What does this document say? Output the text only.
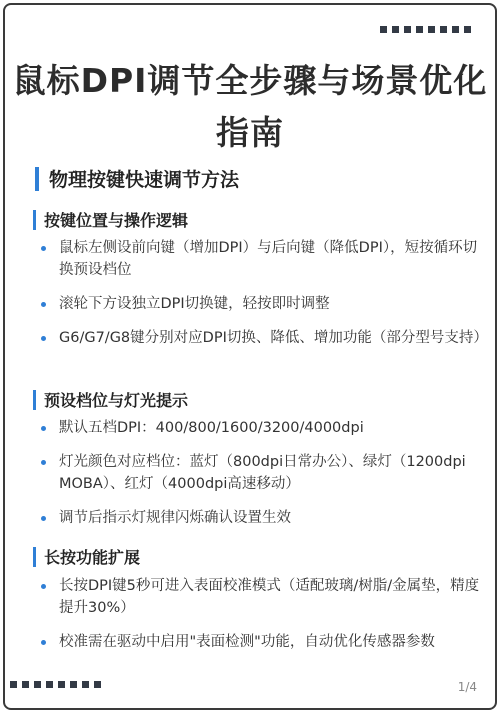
鼠标DPI调节全步骤与场景优化指南
物理按键快速调节方法
按键位置与操作逻辑
鼠标左侧设前向键（增加DPI）与后向键（降低DPI），短按循环切换预设档位
滚轮下方设独立DPI切换键，轻按即时调整
G6/G7/G8键分别对应DPI切换、降低、增加功能（部分型号支持）
预设档位与灯光提示
默认五档DPI：400/800/1600/3200/4000dpi
灯光颜色对应档位：蓝灯（800dpi日常办公）、绿灯（1200dpi MOBA）、红灯（4000dpi高速移动）
调节后指示灯规律闪烁确认设置生效
长按功能扩展
长按DPI键5秒可进入表面校准模式（适配玻璃/树脂/金属垫，精度提升30%）
校准需在驱动中启用"表面检测"功能，自动优化传感器参数
1/4
